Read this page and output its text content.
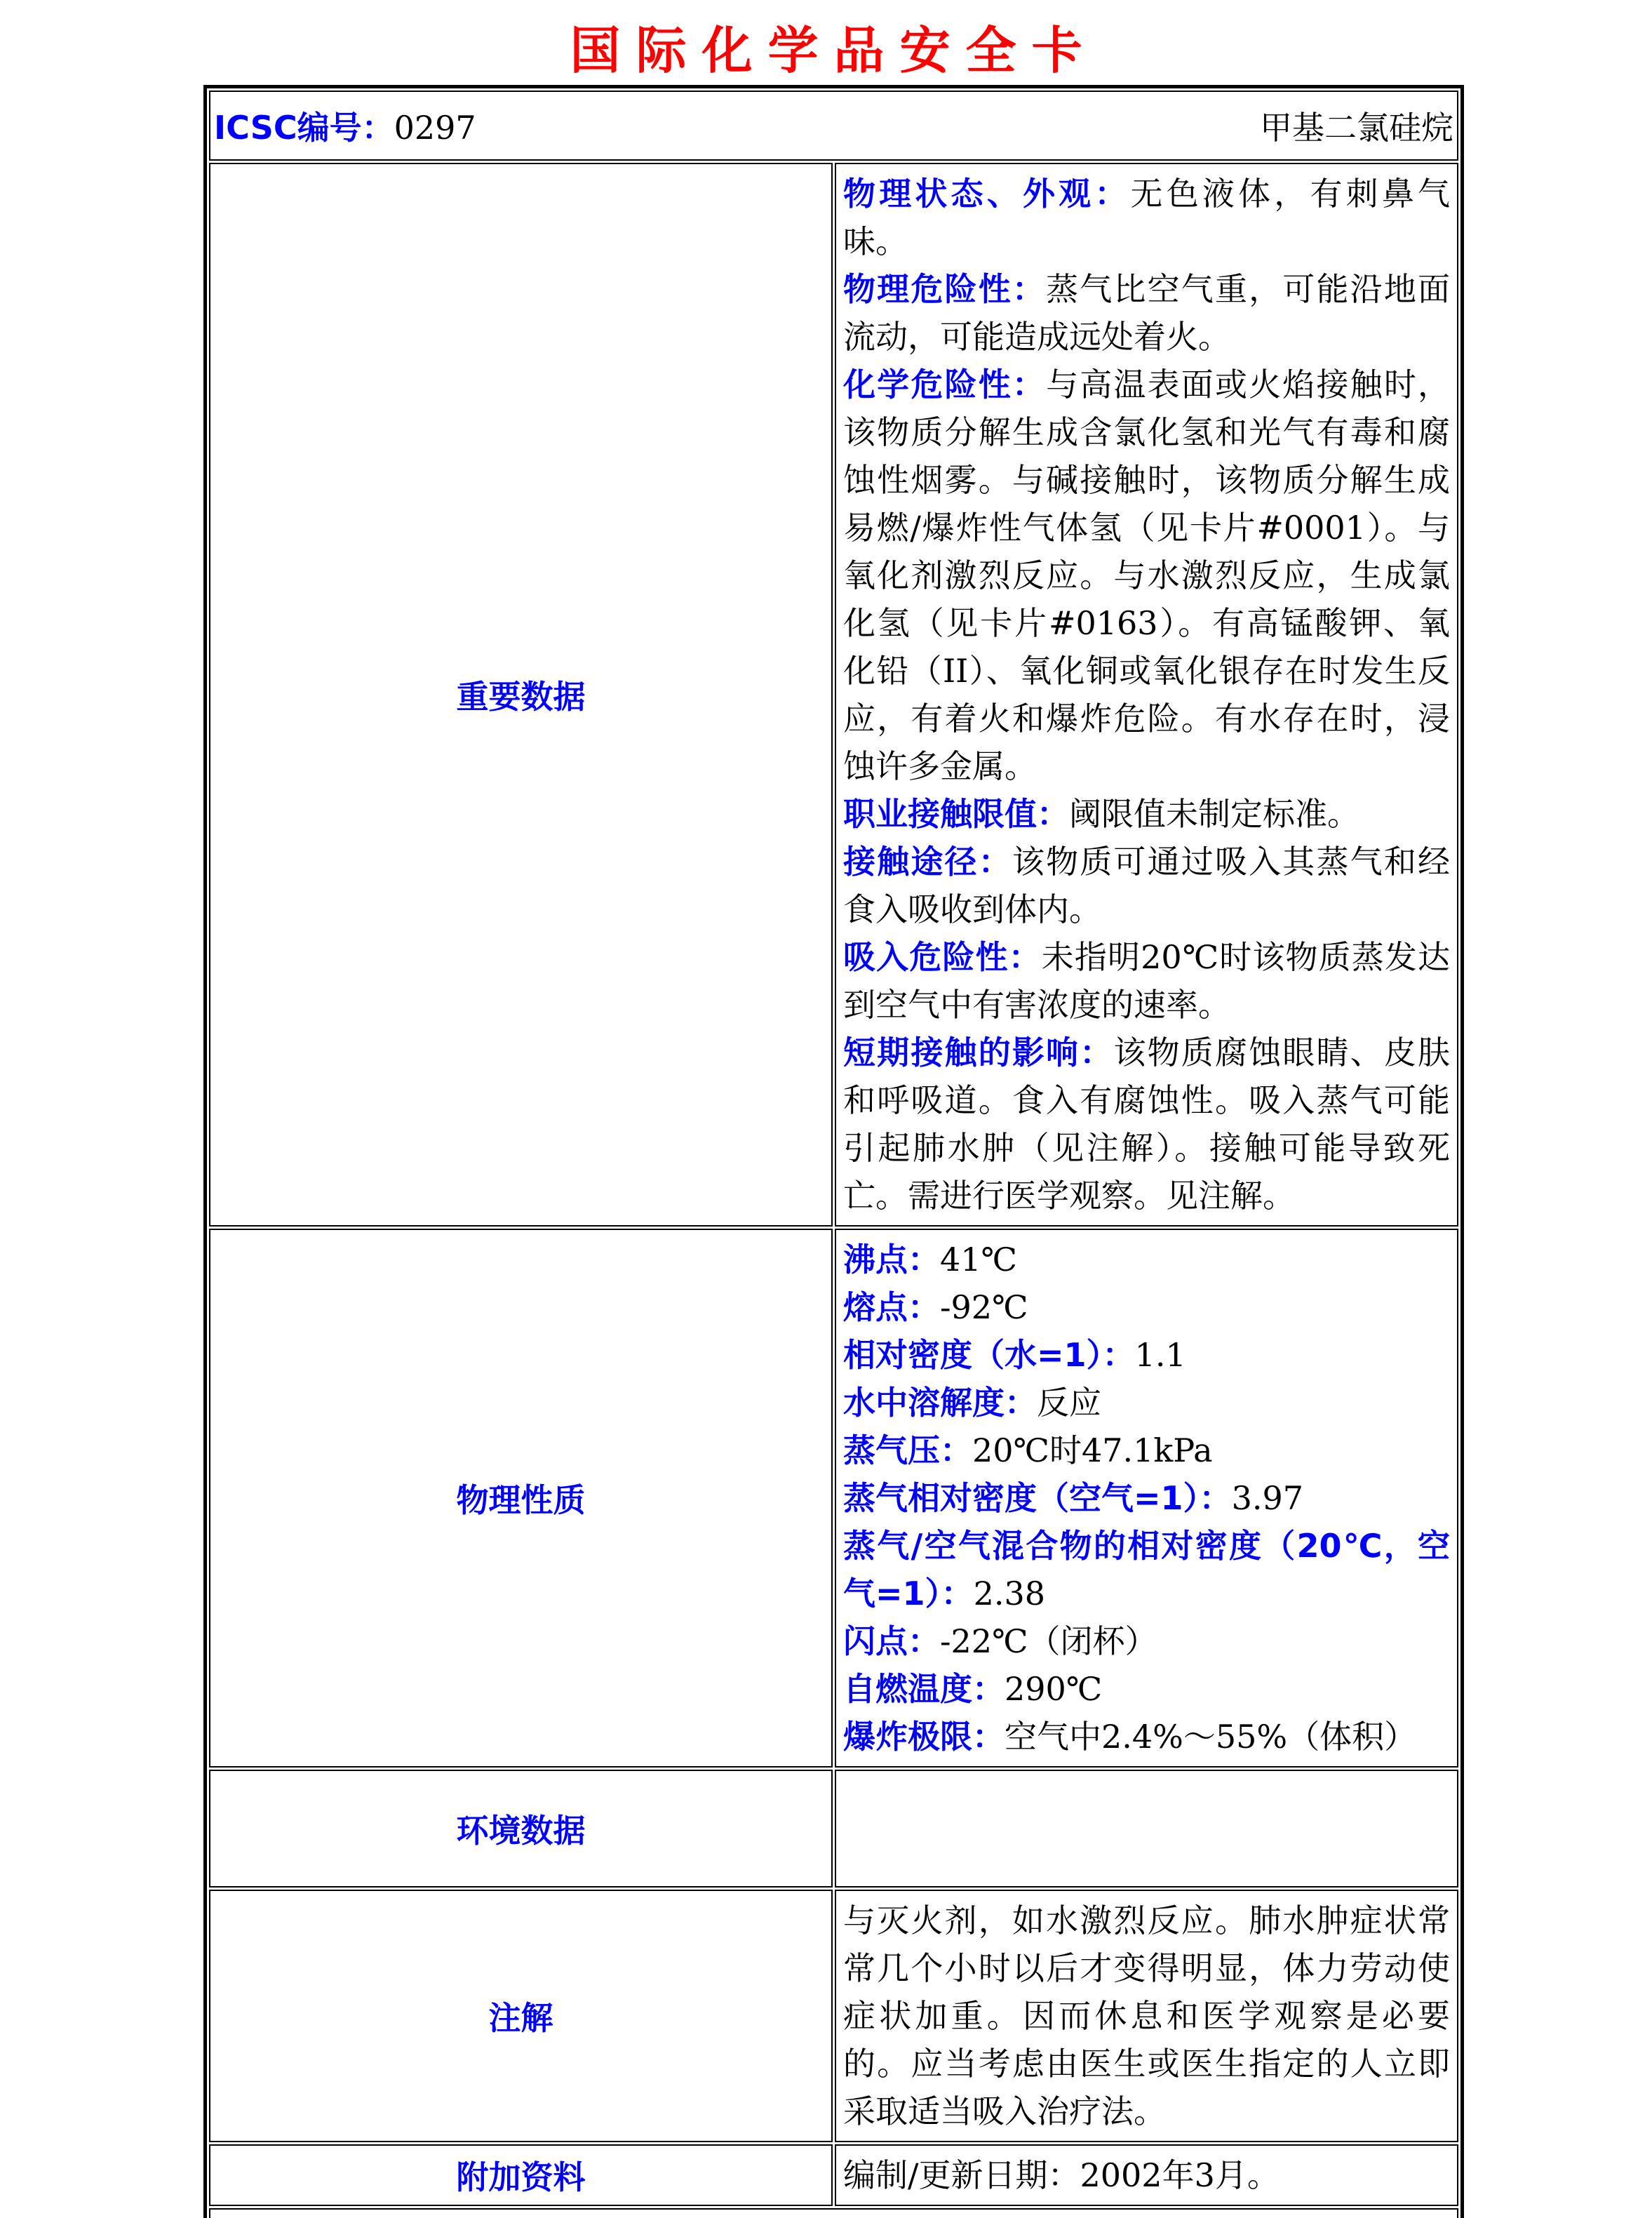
国际化学品安全卡
ICSC编号：0297 甲基二氯硅烷	

重要数据	
物理状态、外观：无色液体，有刺鼻气味。
物理危险性：蒸气比空气重，可能沿地面流动，可能造成远处着火。
化学危险性：与高温表面或火焰接触时，该物质分解生成含氯化氢和光气有毒和腐蚀性烟雾。与碱接触时，该物质分解生成易燃/爆炸性气体氢（见卡片#0001）。与氧化剂激烈反应。与水激烈反应，生成氯化氢（见卡片#0163）。有高锰酸钾、氧化铅（II）、氧化铜或氧化银存在时发生反应，有着火和爆炸危险。有水存在时，浸蚀许多金属。
职业接触限值：阈限值未制定标准。
接触途径：该物质可通过吸入其蒸气和经食入吸收到体内。
吸入危险性：未指明20℃时该物质蒸发达到空气中有害浓度的速率。
短期接触的影响：该物质腐蚀眼睛、皮肤和呼吸道。食入有腐蚀性。吸入蒸气可能引起肺水肿（见注解）。接触可能导致死亡。需进行医学观察。见注解。

物理性质	
沸点：41℃
熔点：-92℃
相对密度（水=1）：1.1
水中溶解度：反应
蒸气压：20℃时47.1kPa
蒸气相对密度（空气=1）：3.97
蒸气/空气混合物的相对密度（20℃，空气=1）：2.38
闪点：-22℃（闭杯）
自燃温度：290℃
爆炸极限：空气中2.4%～55%（体积）

环境数据	
注解	与灭火剂，如水激烈反应。肺水肿症状常常几个小时以后才变得明显，体力劳动使症状加重。因而休息和医学观察是必要的。应当考虑由医生或医生指定的人立即采取适当吸入治疗法。
附加资料	编制/更新日期：2002年3月。
